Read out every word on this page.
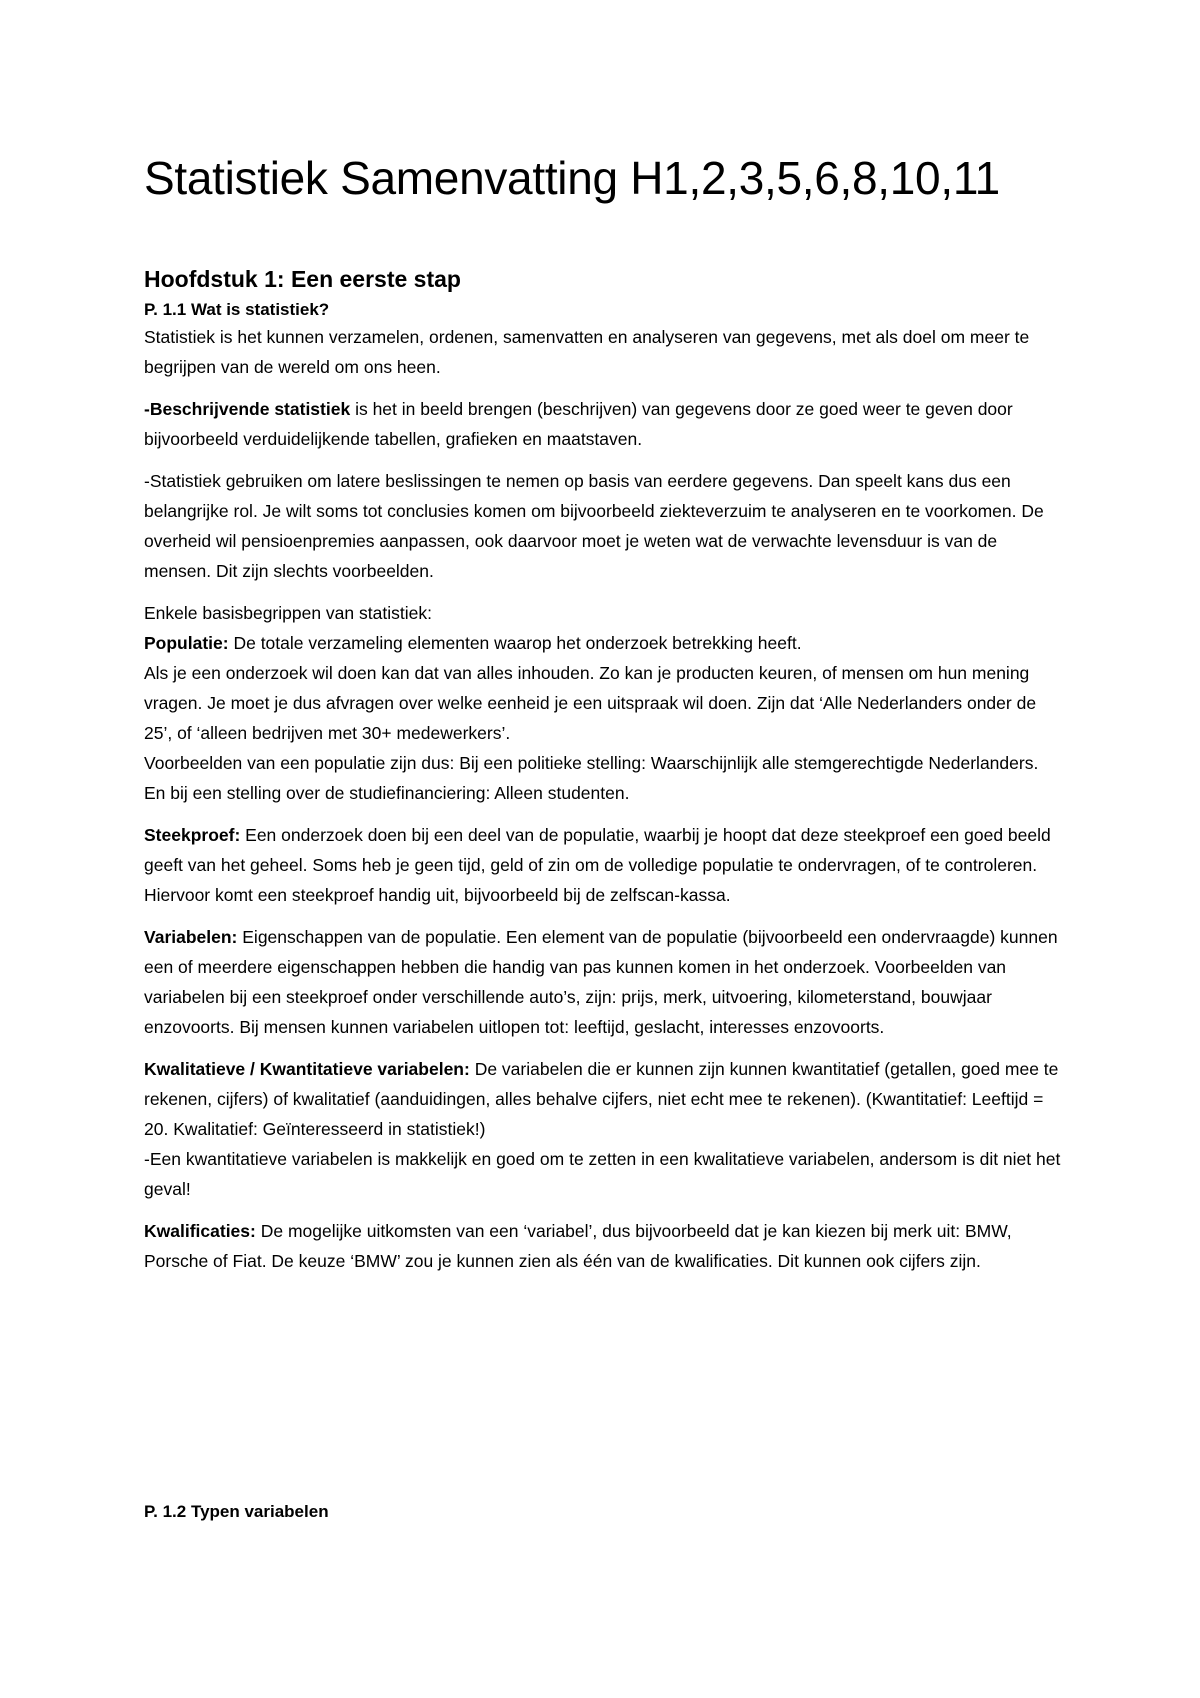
Statistiek Samenvatting H1,2,3,5,6,8,10,11
Hoofdstuk 1: Een eerste stap
P. 1.1 Wat is statistiek?

Statistiek is het kunnen verzamelen, ordenen, samenvatten en analyseren van gegevens, met als doel om meer te begrijpen van de wereld om ons heen.

-Beschrijvende statistiek is het in beeld brengen (beschrijven) van gegevens door ze goed weer te geven door bijvoorbeeld verduidelijkende tabellen, grafieken en maatstaven.

-Statistiek gebruiken om latere beslissingen te nemen op basis van eerdere gegevens. Dan speelt kans dus een belangrijke rol. Je wilt soms tot conclusies komen om bijvoorbeeld ziekteverzuim te analyseren en te voorkomen. De overheid wil pensioenpremies aanpassen, ook daarvoor moet je weten wat de verwachte levensduur is van de mensen. Dit zijn slechts voorbeelden.

Enkele basisbegrippen van statistiek:

Populatie: De totale verzameling elementen waarop het onderzoek betrekking heeft.

Als je een onderzoek wil doen kan dat van alles inhouden. Zo kan je producten keuren, of mensen om hun mening vragen. Je moet je dus afvragen over welke eenheid je een uitspraak wil doen. Zijn dat ‘Alle Nederlanders onder de 25’, of ‘alleen bedrijven met 30+ medewerkers’.

Voorbeelden van een populatie zijn dus: Bij een politieke stelling: Waarschijnlijk alle stemgerechtigde Nederlanders. En bij een stelling over de studiefinanciering: Alleen studenten.

Steekproef: Een onderzoek doen bij een deel van de populatie, waarbij je hoopt dat deze steekproef een goed beeld geeft van het geheel. Soms heb je geen tijd, geld of zin om de volledige populatie te ondervragen, of te controleren. Hiervoor komt een steekproef handig uit, bijvoorbeeld bij de zelfscan-kassa.

Variabelen: Eigenschappen van de populatie. Een element van de populatie (bijvoorbeeld een ondervraagde) kunnen een of meerdere eigenschappen hebben die handig van pas kunnen komen in het onderzoek. Voorbeelden van variabelen bij een steekproef onder verschillende auto’s, zijn: prijs, merk, uitvoering, kilometerstand, bouwjaar enzovoorts. Bij mensen kunnen variabelen uitlopen tot: leeftijd, geslacht, interesses enzovoorts.

Kwalitatieve / Kwantitatieve variabelen: De variabelen die er kunnen zijn kunnen kwantitatief (getallen, goed mee te rekenen, cijfers) of kwalitatief (aanduidingen, alles behalve cijfers, niet echt mee te rekenen). (Kwantitatief: Leeftijd = 20. Kwalitatief: Geïnteresseerd in statistiek!)

-Een kwantitatieve variabelen is makkelijk en goed om te zetten in een kwalitatieve variabelen, andersom is dit niet het geval!

Kwalificaties: De mogelijke uitkomsten van een ‘variabel’, dus bijvoorbeeld dat je kan kiezen bij merk uit: BMW, Porsche of Fiat. De keuze ‘BMW’ zou je kunnen zien als één van de kwalificaties. Dit kunnen ook cijfers zijn.

P. 1.2 Typen variabelen
